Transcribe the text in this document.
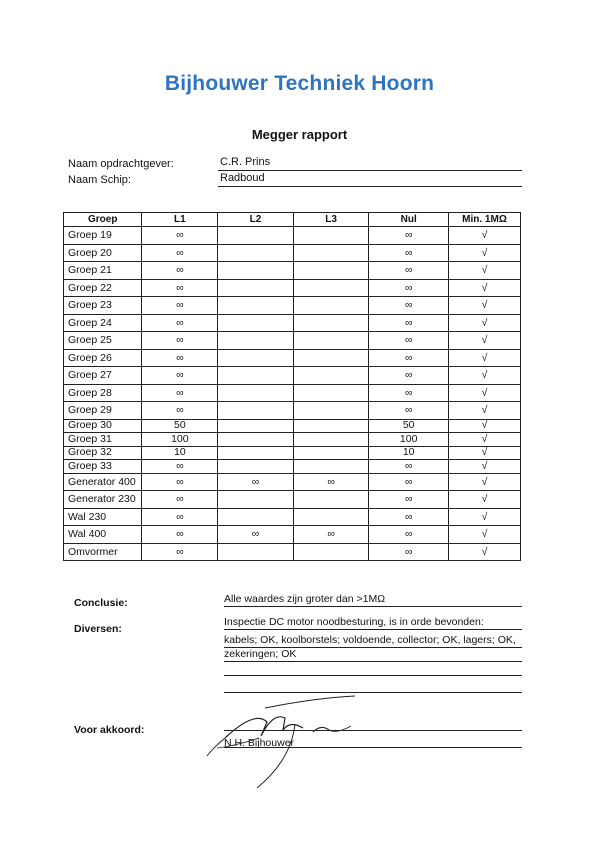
Bijhouwer Techniek Hoorn
Megger rapport
Naam opdrachtgever:	C.R. Prins
Naam Schip:	Radboud
Groep	L1	L2	L3	Nul	Min. 1MΩ
Groep 19	∞			∞	√
Groep 20	∞			∞	√
Groep 21	∞			∞	√
Groep 22	∞			∞	√
Groep 23	∞			∞	√
Groep 24	∞			∞	√
Groep 25	∞			∞	√
Groep 26	∞			∞	√
Groep 27	∞			∞	√
Groep 28	∞			∞	√
Groep 29	∞			∞	√
Groep 30	50			50	√
Groep 31	100			100	√
Groep 32	10			10	√
Groep 33	∞			∞	√
Generator 400	∞	∞	∞	∞	√
Generator 230	∞			∞	√
Wal 230	∞			∞	√
Wal 400	∞	∞	∞	∞	√
Omvormer	∞			∞	√
Conclusie:	Alle waardes zijn groter dan >1MΩ
Diversen:
Inspectie DC motor noodbesturing, is in orde bevonden:
kabels; OK, koolborstels; voldoende, collector; OK, lagers; OK,
zekeringen; OK
Voor akkoord:
N.H. Bijhouwer
